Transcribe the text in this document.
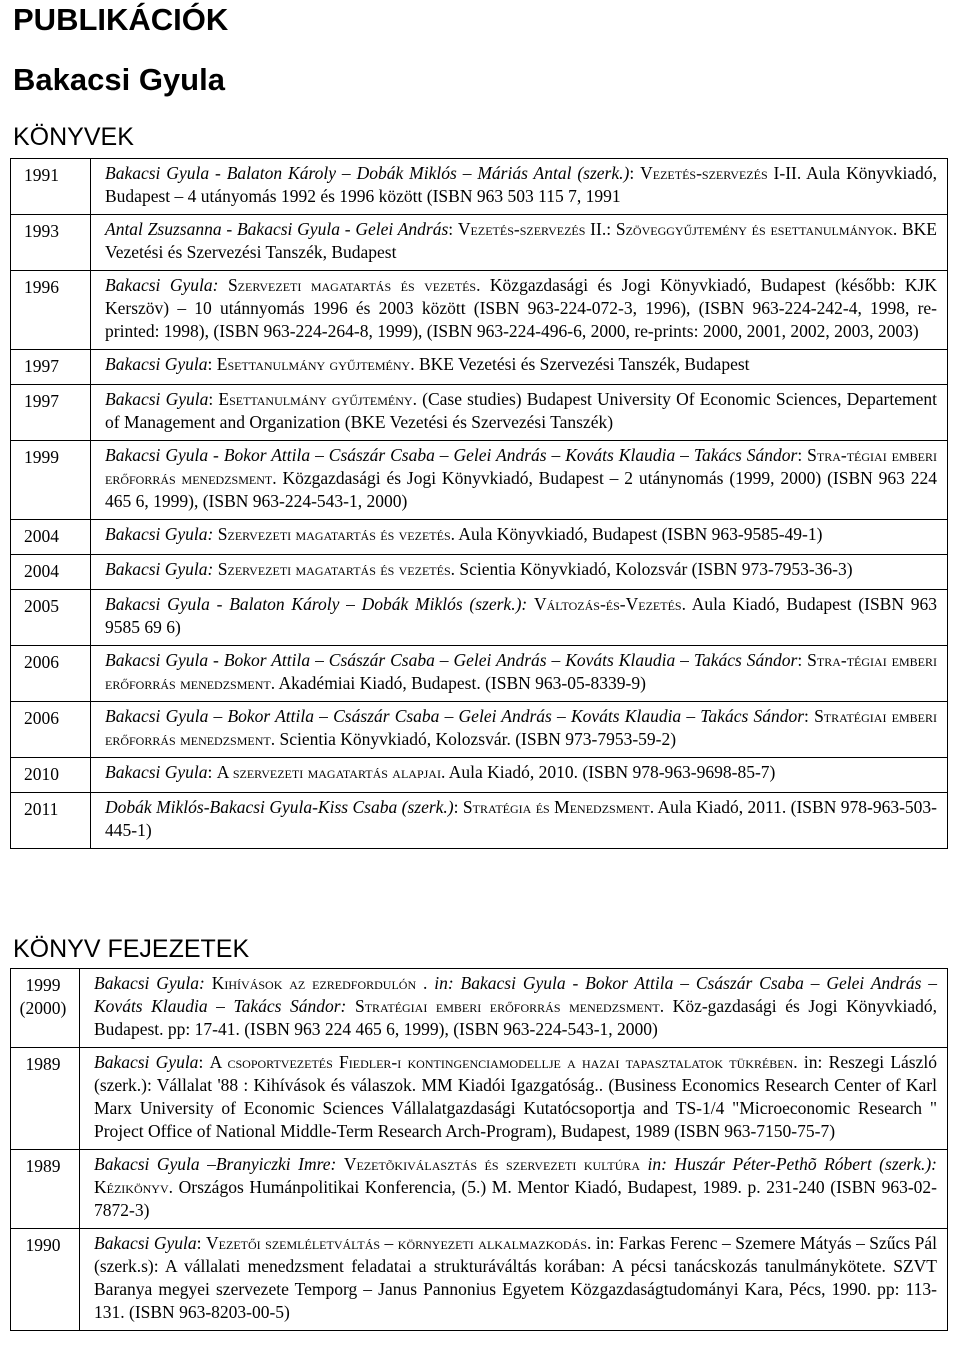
PUBLIKÁCIÓK
Bakacsi Gyula
KÖNYVEK
1991	Bakacsi Gyula - Balaton Károly – Dobák Miklós – Máriás Antal (szerk.): Vezetés-szervezés I-II. Aula Könyvkiadó, Budapest – 4 utányomás 1992 és 1996 között (ISBN 963 503 115 7, 1991
1993	Antal Zsuzsanna - Bakacsi Gyula - Gelei András: Vezetés-szervezés II.: Szöveggyűjtemény és esettanulmányok. BKE Vezetési és Szervezési Tanszék, Budapest
1996	Bakacsi Gyula: Szervezeti magatartás és vezetés. Közgazdasági és Jogi Könyvkiadó, Budapest (később: KJK Kerszöv) – 10 utánnyomás 1996 és 2003 között (ISBN 963-224-072-3, 1996), (ISBN 963-224-242-4, 1998, re-printed: 1998), (ISBN 963-224-264-8, 1999), (ISBN 963-224-496-6, 2000, re-prints: 2000, 2001, 2002, 2003, 2003)
1997	Bakacsi Gyula: Esettanulmány gyűjtemény. BKE Vezetési és Szervezési Tanszék, Budapest
1997	Bakacsi Gyula: Esettanulmány gyűjtemény. (Case studies) Budapest University Of Economic Sciences, Departement of Management and Organization (BKE Vezetési és Szervezési Tanszék)
1999	Bakacsi Gyula - Bokor Attila – Császár Csaba – Gelei András – Kováts Klaudia – Takács Sándor: Stra-tégiai emberi erőforrás menedzsment. Közgazdasági és Jogi Könyvkiadó, Budapest – 2 utánynomás (1999, 2000) (ISBN 963 224 465 6, 1999), (ISBN 963-224-543-1, 2000)
2004	Bakacsi Gyula: Szervezeti magatartás és vezetés. Aula Könyvkiadó, Budapest (ISBN 963-9585-49-1)
2004	Bakacsi Gyula: Szervezeti magatartás és vezetés. Scientia Könyvkiadó, Kolozsvár (ISBN 973-7953-36-3)
2005	Bakacsi Gyula - Balaton Károly – Dobák Miklós (szerk.): Változás-és-Vezetés. Aula Kiadó, Budapest (ISBN 963 9585 69 6)
2006	Bakacsi Gyula - Bokor Attila – Császár Csaba – Gelei András – Kováts Klaudia – Takács Sándor: Stra-tégiai emberi erőforrás menedzsment. Akadémiai Kiadó, Budapest. (ISBN 963-05-8339-9)
2006	Bakacsi Gyula – Bokor Attila – Császár Csaba – Gelei András – Kováts Klaudia – Takács Sándor: Stratégiai emberi erőforrás menedzsment. Scientia Könyvkiadó, Kolozsvár. (ISBN 973-7953-59-2)
2010	Bakacsi Gyula: A szervezeti magatartás alapjai. Aula Kiadó, 2010. (ISBN 978-963-9698-85-7)
2011	Dobák Miklós-Bakacsi Gyula-Kiss Csaba (szerk.): Stratégia és Menedzsment. Aula Kiadó, 2011. (ISBN 978-963-503-445-1)
KÖNYV FEJEZETEK
1999 (2000)	Bakacsi Gyula: Kihívások az ezredfordulón . in: Bakacsi Gyula - Bokor Attila – Császár Csaba – Gelei András – Kováts Klaudia – Takács Sándor: Stratégiai emberi erőforrás menedzsment. Köz-gazdasági és Jogi Könyvkiadó, Budapest. pp: 17-41. (ISBN 963 224 465 6, 1999), (ISBN 963-224-543-1, 2000)
1989	Bakacsi Gyula: A csoportvezetés Fiedler-i kontingenciamodellje a hazai tapasztalatok tükrében. in: Reszegi László (szerk.): Vállalat '88 : Kihívások és válaszok. MM Kiadói Igazgatóság.. (Business Economics Research Center of Karl Marx University of Economic Sciences Vállalatgazdasági Kutatócsoportja and TS-1/4 "Microeconomic Research " Project Office of National Middle-Term Research Arch-Program), Budapest, 1989 (ISBN 963-7150-75-7)
1989	Bakacsi Gyula –Branyiczki Imre: Vezetõkiválasztás és szervezeti kultúra in: Huszár Péter-Pethõ Róbert (szerk.): Kézikönyv. Országos Humánpolitikai Konferencia, (5.) M. Mentor Kiadó, Budapest, 1989. p. 231-240 (ISBN 963-02-7872-3)
1990	Bakacsi Gyula: Vezetői szemléletváltás – környezeti alkalmazkodás. in: Farkas Ferenc – Szemere Mátyás – Szűcs Pál (szerk.s): A vállalati menedzsment feladatai a strukturáváltás korában: A pécsi tanácskozás tanulmánykötete. SZVT Baranya megyei szervezete Temporg – Janus Pannonius Egyetem Közgazdaságtudományi Kara, Pécs, 1990. pp: 113-131. (ISBN 963-8203-00-5)
